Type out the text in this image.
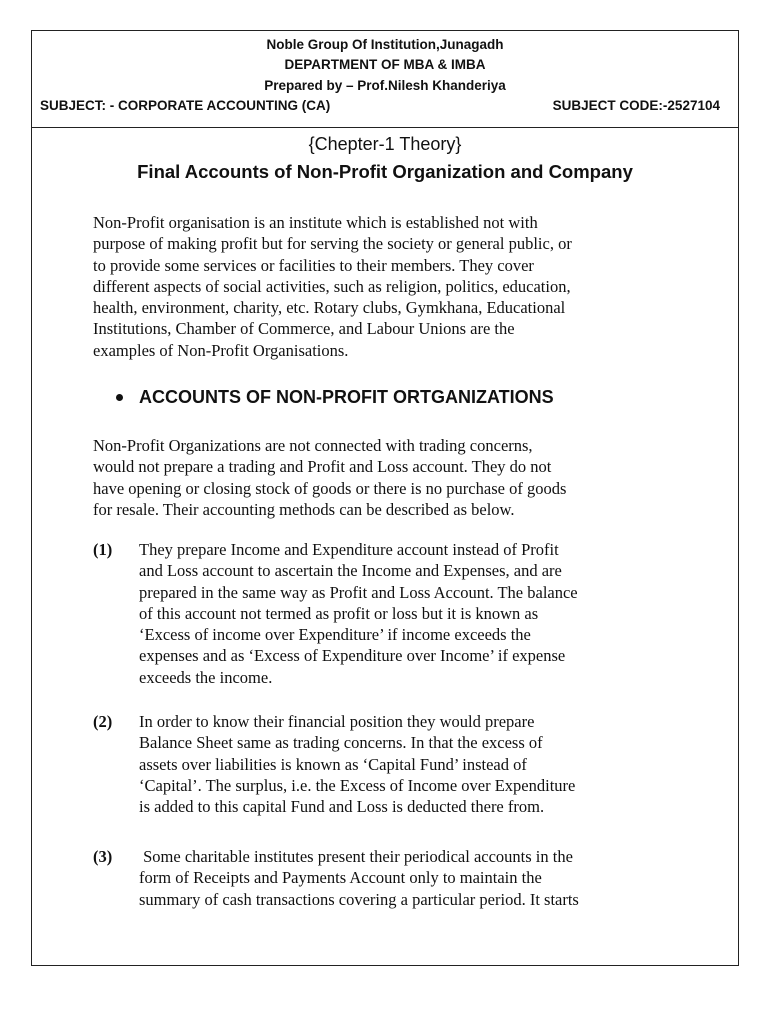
Noble Group Of Institution,Junagadh
DEPARTMENT OF MBA & IMBA
Prepared by – Prof.Nilesh Khanderiya
SUBJECT: - CORPORATE ACCOUNTING (CA)	SUBJECT CODE:-2527104
{Chepter-1 Theory}
Final Accounts of Non-Profit Organization and Company
Non-Profit organisation is an institute which is established not with
purpose of making profit but for serving the society or general public, or
to provide some services or facilities to their members. They cover
different aspects of social activities, such as religion, politics, education,
health, environment, charity, etc. Rotary clubs, Gymkhana, Educational
Institutions, Chamber of Commerce, and Labour Unions are the
examples of Non-Profit Organisations.
ACCOUNTS OF NON-PROFIT ORTGANIZATIONS
Non-Profit Organizations are not connected with trading concerns,
would not prepare a trading and Profit and Loss account. They do not
have opening or closing stock of goods or there is no purchase of goods
for resale. Their accounting methods can be described as below.
(1) They prepare Income and Expenditure account instead of Profit
and Loss account to ascertain the Income and Expenses, and are
prepared in the same way as Profit and Loss Account. The balance
of this account not termed as profit or loss but it is known as
‘Excess of income over Expenditure’ if income exceeds the
expenses and as ‘Excess of Expenditure over Income’ if expense
exceeds the income.
(2) In order to know their financial position they would prepare
Balance Sheet same as trading concerns. In that the excess of
assets over liabilities is known as ‘Capital Fund’ instead of
‘Capital’. The surplus, i.e. the Excess of Income over Expenditure
is added to this capital Fund and Loss is deducted there from.
(3) Some charitable institutes present their periodical accounts in the
form of Receipts and Payments Account only to maintain the
summary of cash transactions covering a particular period. It starts
